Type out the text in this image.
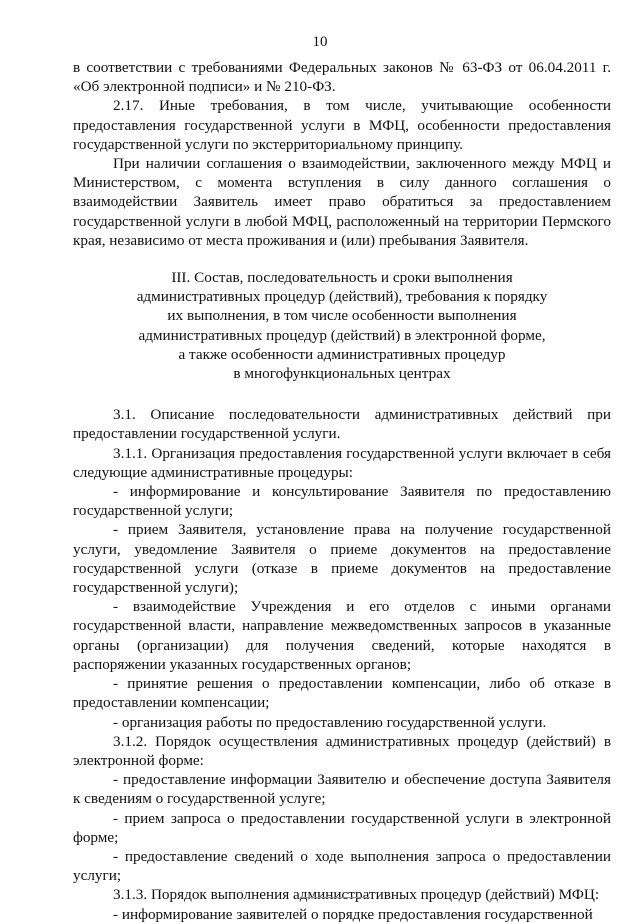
10

в соответствии с требованиями Федеральных законов № 63-ФЗ от 06.04.2011 г. «Об электронной подписи» и № 210-ФЗ.

2.17. Иные требования, в том числе, учитывающие особенности предоставления государственной услуги в МФЦ, особенности предоставления государственной услуги по экстерриториальному принципу.

При наличии соглашения о взаимодействии, заключенного между МФЦ и Министерством, с момента вступления в силу данного соглашения о взаимодействии Заявитель имеет право обратиться за предоставлением государственной услуги в любой МФЦ, расположенный на территории Пермского края, независимо от места проживания и (или) пребывания Заявителя.

III. Состав, последовательность и сроки выполнения
административных процедур (действий), требования к порядку
их выполнения, в том числе особенности выполнения
административных процедур (действий) в электронной форме,
а также особенности административных процедур
в многофункциональных центрах

3.1. Описание последовательности административных действий при предоставлении государственной услуги.

3.1.1. Организация предоставления государственной услуги включает в себя следующие административные процедуры:

- информирование и консультирование Заявителя по предоставлению государственной услуги;

- прием Заявителя, установление права на получение государственной услуги, уведомление Заявителя о приеме документов на предоставление государственной услуги (отказе в приеме документов на предоставление государственной услуги);

- взаимодействие Учреждения и его отделов с иными органами государственной власти, направление межведомственных запросов в указанные органы (организации) для получения сведений, которые находятся в распоряжении указанных государственных органов;

- принятие решения о предоставлении компенсации, либо об отказе в предоставлении компенсации;

- организация работы по предоставлению государственной услуги.

3.1.2. Порядок осуществления административных процедур (действий) в электронной форме:

- предоставление информации Заявителю и обеспечение доступа Заявителя к сведениям о государственной услуге;

- прием запроса о предоставлении государственной услуги в электронной форме;

- предоставление сведений о ходе выполнения запроса о предоставлении услуги;

3.1.3. Порядок выполнения административных процедур (действий) МФЦ:

- информирование заявителей о порядке предоставления государственной
